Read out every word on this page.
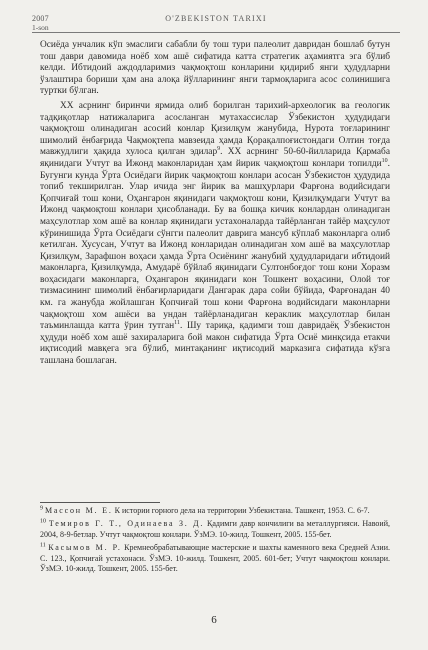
2007
1-son
O'ZBEKISTON TARIXI

Осиёда унчалик кўп эмаслиги сабабли бу тош тури палеолит давридан бошлаб бутун тош даври давомида ноёб хом ашё сифатида катта стратегик аҳамиятга эга бўлиб келди. Ибтидоий аждодларимиз чақмоқтош конларини қидириб янги ҳудудларни ўзлаштира бориши ҳам ана алоқа йўлларининг янги тармоқларига асос солинишига туртки бўлган.

XX асрнинг биринчи ярмида олиб борилган тарихий-археологик ва геологик тадқиқотлар натижаларига асосланган мутахассислар Ўзбекистон ҳудудидаги чақмоқтош олинадиган асосий конлар Қизилқум жанубида, Нурота тоғларининг шимолий ёнбағрида Чақмоқтепа мавзеида ҳамда Қорақалпоғистондаги Олтин тоғда мавжудлиги ҳақида хулоса қилган эдилар$^9$. XX асрнинг 50-60-йилларида Қармаба яқинидаги Учтут ва Ижонд маконларидан ҳам йирик чақмоқтош конлари топилди$^{10}$. Бугунги кунда Ўрта Осиёдаги йирик чақмоқтош конлари асосан Ўзбекистон ҳудудида топиб текширилган. Улар ичида энг йирик ва машҳурлари Фарғона водийсидаги Қопчиғай тош кони, Оҳангарон яқинидаги чақмоқтош кони, Қизилқумдаги Учтут ва Ижонд чақмоқтош конлари ҳисобланади. Бу ва бошқа кичик конлардан олинадиган маҳсулотлар хом ашё ва конлар яқинидаги устахоналарда тайёрланган тайёр маҳсулот кўринишида Ўрта Осиёдаги сўнгги палеолит даврига мансуб кўплаб маконларга олиб кетилган. Хусусан, Учтут ва Ижонд конларидан олинадиган хом ашё ва маҳсулотлар Қизилқум, Зарафшон воҳаси ҳамда Ўрта Осиёнинг жанубий ҳудудларидаги ибтидоий маконларга, Қизилқумда, Амударё бўйлаб яқинидаги Султонбоғдог тош кони Хоразм воҳасидаги маконларга, Оҳангарон яқинидаги кон Тошкент воҳасини, Олой тоғ тизмасининг шимолий ёнбағирларидаги Дангарак дара сойи бўйида, Фарғонадан 40 км. га жанубда жойлашган Қопчиғай тош кони Фарғона водийсидаги маконларни чақмоқтош хом ашёси ва ундан тайёрланадиган кераклик маҳсулотлар билан таъминлашда катта ўрин тутган$^{11}$. Шу тариқа, қадимги тош давридаёқ Ўзбекистон ҳудуди ноёб хом ашё захираларига бой макон сифатида Ўрта Осиё минқсида етакчи иқтисодий мавқега эга бўлиб, минтақанинг иқтисодий марказига сифатида кўзга ташлана бошлаган.

$^9$ Массон М. Е. К истории горного дела на территории Узбекистана. Ташкент, 1953. С. 6-7.

$^{10}$ Темиров Г. Т., Одинаева З. Д. Қадимги давр кончилиги ва металлургияси. Навоий, 2004, 8-9-бетлар. Учтут чақмоқтош конлари. ЎзМЭ. 10-жилд. Тошкент, 2005. 155-бет.

$^{11}$ Касымов М. Р. Кремнеобрабатывающие мастерские и шахты каменного века Средней Азии. С. 123., Қопчиғай устахонаси. ЎзМЭ. 10-жилд. Тошкент, 2005. 601-бет; Учтут чақмоқтош конлари. ЎзМЭ. 10-жилд. Тошкент, 2005. 155-бет.

6
